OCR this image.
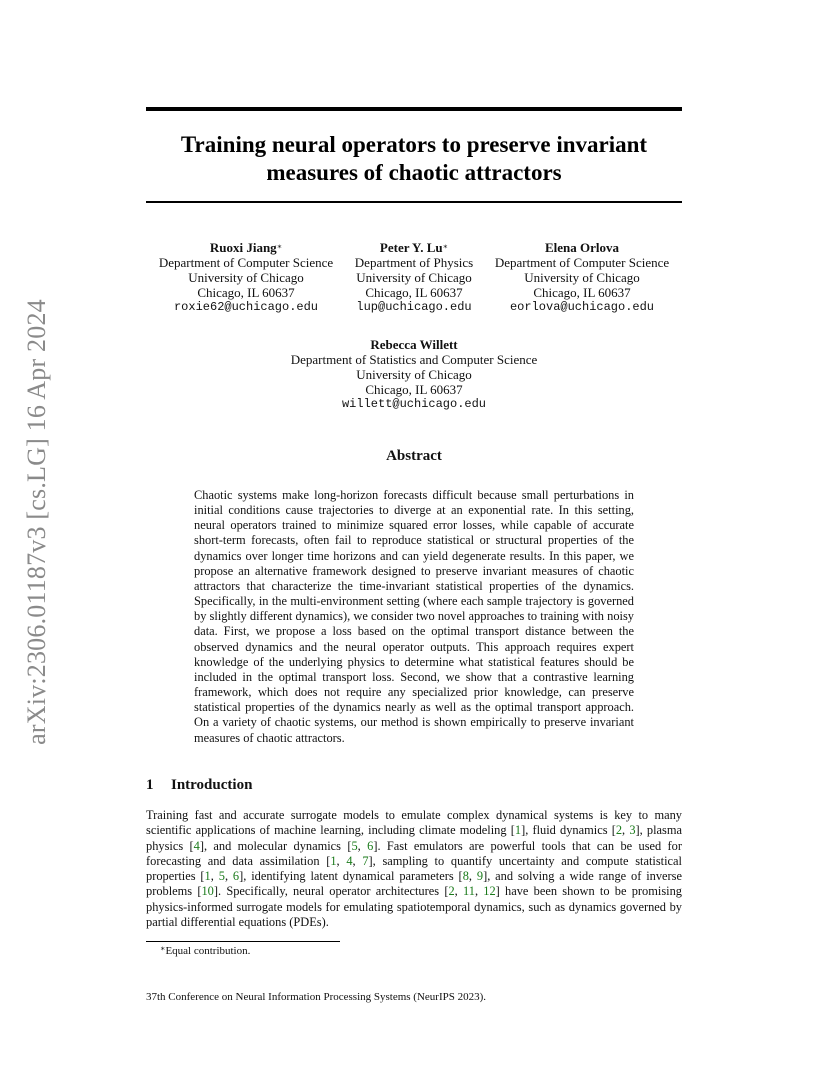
arXiv:2306.01187v3 [cs.LG] 16 Apr 2024
Training neural operators to preserve invariant
measures of chaotic attractors
Ruoxi Jiang∗
Department of Computer Science
University of Chicago
Chicago, IL 60637
roxie62@uchicago.edu
Peter Y. Lu∗
Department of Physics
University of Chicago
Chicago, IL 60637
lup@uchicago.edu
Elena Orlova
Department of Computer Science
University of Chicago
Chicago, IL 60637
eorlova@uchicago.edu
Rebecca Willett
Department of Statistics and Computer Science
University of Chicago
Chicago, IL 60637
willett@uchicago.edu
Abstract

Chaotic systems make long-horizon forecasts difficult because small perturbations in initial conditions cause trajectories to diverge at an exponential rate. In this setting, neural operators trained to minimize squared error losses, while capable of accurate short-term forecasts, often fail to reproduce statistical or structural properties of the dynamics over longer time horizons and can yield degenerate results. In this paper, we propose an alternative framework designed to preserve invariant measures of chaotic attractors that characterize the time-invariant statistical properties of the dynamics. Specifically, in the multi-environment setting (where each sample trajectory is governed by slightly different dynamics), we consider two novel approaches to training with noisy data. First, we propose a loss based on the optimal transport distance between the observed dynamics and the neural operator outputs. This approach requires expert knowledge of the underlying physics to determine what statistical features should be included in the optimal transport loss. Second, we show that a contrastive learning framework, which does not require any specialized prior knowledge, can preserve statistical properties of the dynamics nearly as well as the optimal transport approach. On a variety of chaotic systems, our method is shown empirically to preserve invariant measures of chaotic attractors.

1 Introduction

Training fast and accurate surrogate models to emulate complex dynamical systems is key to many scientific applications of machine learning, including climate modeling [1], fluid dynamics [2, 3], plasma physics [4], and molecular dynamics [5, 6]. Fast emulators are powerful tools that can be used for forecasting and data assimilation [1, 4, 7], sampling to quantify uncertainty and compute statistical properties [1, 5, 6], identifying latent dynamical parameters [8, 9], and solving a wide range of inverse problems [10]. Specifically, neural operator architectures [2, 11, 12] have been shown to be promising physics-informed surrogate models for emulating spatiotemporal dynamics, such as dynamics governed by partial differential equations (PDEs).

∗Equal contribution.
37th Conference on Neural Information Processing Systems (NeurIPS 2023).
